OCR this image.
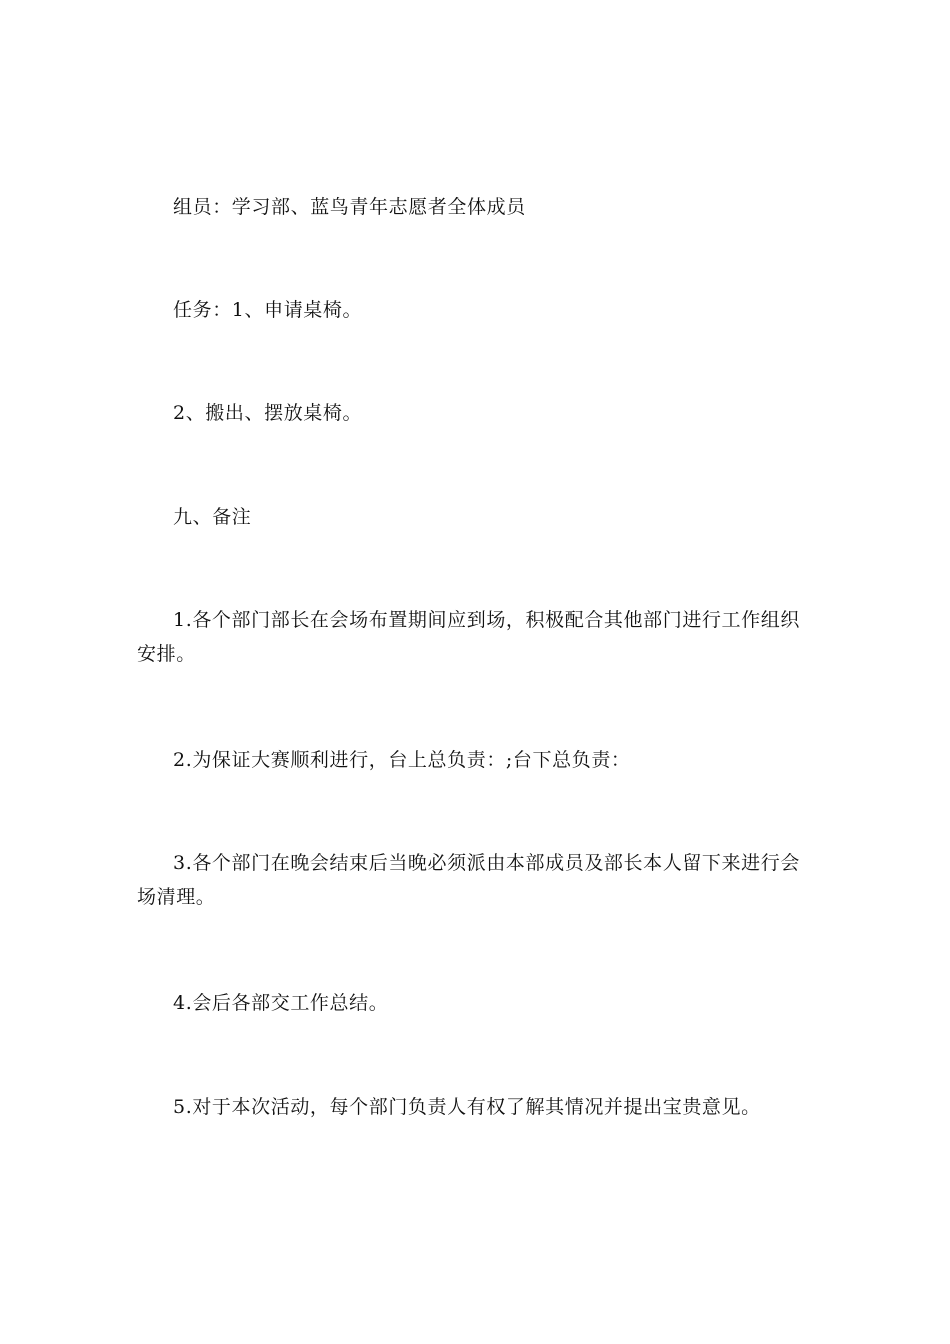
组员：学习部、蓝鸟青年志愿者全体成员

任务：1、申请桌椅。

2、搬出、摆放桌椅。

九、备注

1.各个部门部长在会场布置期间应到场，积极配合其他部门进行工作组织安排。

2.为保证大赛顺利进行，台上总负责：;台下总负责：

3.各个部门在晚会结束后当晚必须派由本部成员及部长本人留下来进行会场清理。

4.会后各部交工作总结。

5.对于本次活动，每个部门负责人有权了解其情况并提出宝贵意见。
